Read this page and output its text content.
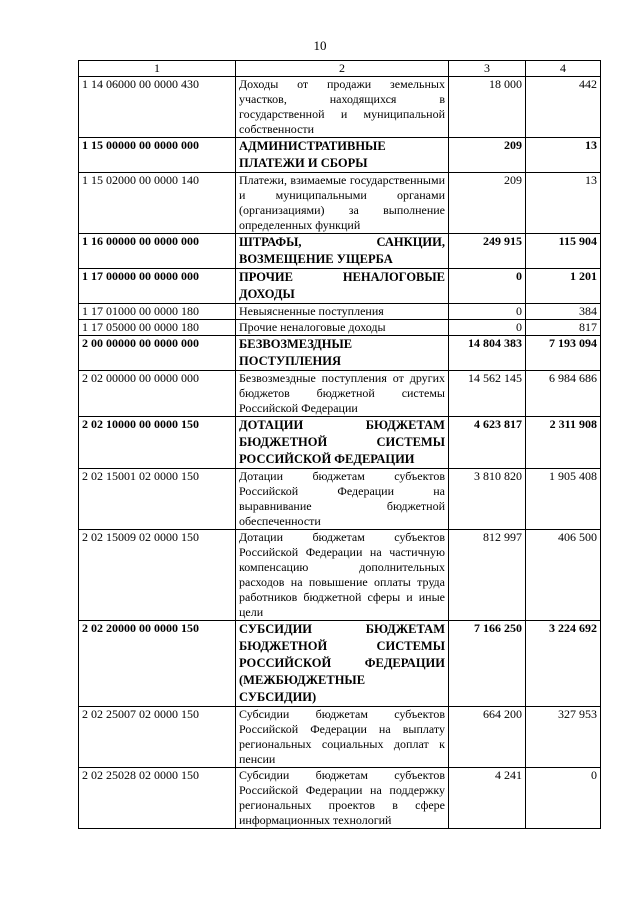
10
1	2	3	4
1 14 06000 00 0000 430	Доходы от продажи земельных участков, находящихся в государственной и муниципальной собственности	18 000	442
1 15 00000 00 0000 000	АДМИНИСТРАТИВНЫЕ ПЛАТЕЖИ И СБОРЫ	209	13
1 15 02000 00 0000 140	Платежи, взимаемые государственными и муниципальными органами (организациями) за выполнение определенных функций	209	13
1 16 00000 00 0000 000	ШТРАФЫ, САНКЦИИ, ВОЗМЕЩЕНИЕ УЩЕРБА	249 915	115 904
1 17 00000 00 0000 000	ПРОЧИЕ НЕНАЛОГОВЫЕ ДОХОДЫ	0	1 201
1 17 01000 00 0000 180	Невыясненные поступления	0	384
1 17 05000 00 0000 180	Прочие неналоговые доходы	0	817
2 00 00000 00 0000 000	БЕЗВОЗМЕЗДНЫЕ ПОСТУПЛЕНИЯ	14 804 383	7 193 094
2 02 00000 00 0000 000	Безвозмездные поступления от других бюджетов бюджетной системы Российской Федерации	14 562 145	6 984 686
2 02 10000 00 0000 150	ДОТАЦИИ БЮДЖЕТАМ БЮДЖЕТНОЙ СИСТЕМЫ РОССИЙСКОЙ ФЕДЕРАЦИИ	4 623 817	2 311 908
2 02 15001 02 0000 150	Дотации бюджетам субъектов Российской Федерации на выравнивание бюджетной обеспеченности	3 810 820	1 905 408
2 02 15009 02 0000 150	Дотации бюджетам субъектов Российской Федерации на частичную компенсацию дополнительных расходов на повышение оплаты труда работников бюджетной сферы и иные цели	812 997	406 500
2 02 20000 00 0000 150	СУБСИДИИ БЮДЖЕТАМ БЮДЖЕТНОЙ СИСТЕМЫ РОССИЙСКОЙ ФЕДЕРАЦИИ (МЕЖБЮДЖЕТНЫЕ СУБСИДИИ)	7 166 250	3 224 692
2 02 25007 02 0000 150	Субсидии бюджетам субъектов Российской Федерации на выплату региональных социальных доплат к пенсии	664 200	327 953
2 02 25028 02 0000 150	Субсидии бюджетам субъектов Российской Федерации на поддержку региональных проектов в сфере информационных технологий	4 241	0
